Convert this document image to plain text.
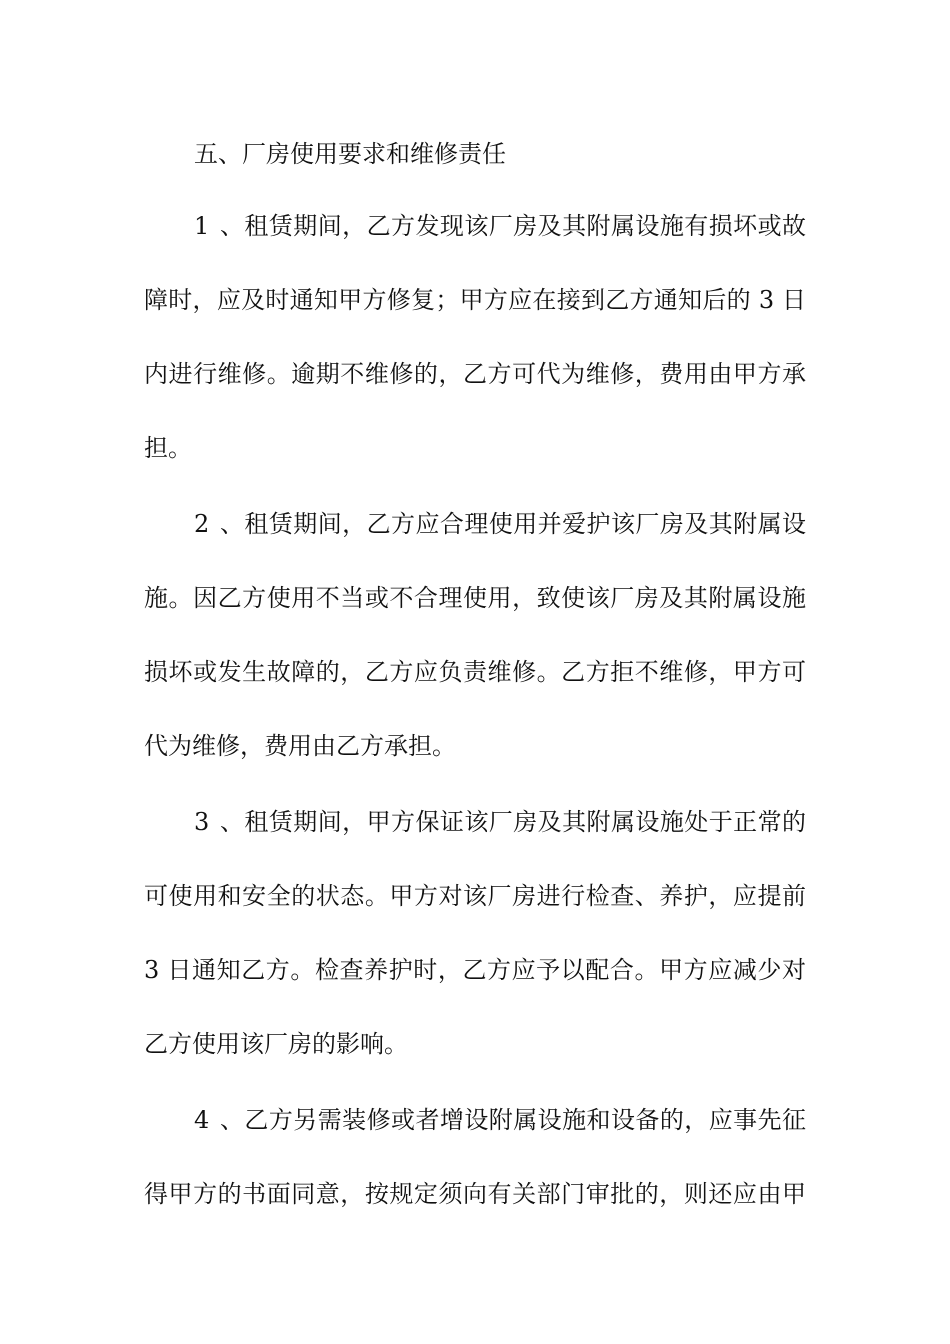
五、厂房使用要求和维修责任
1、租赁期间，乙方发现该厂房及其附属设施有损坏或故
障时，应及时通知甲方修复；甲方应在接到乙方通知后的 3 日
内进行维修。逾期不维修的，乙方可代为维修，费用由甲方承
担。
2、租赁期间，乙方应合理使用并爱护该厂房及其附属设
施。因乙方使用不当或不合理使用，致使该厂房及其附属设施
损坏或发生故障的，乙方应负责维修。乙方拒不维修，甲方可
代为维修，费用由乙方承担。
3、租赁期间，甲方保证该厂房及其附属设施处于正常的
可使用和安全的状态。甲方对该厂房进行检查、养护，应提前
3 日通知乙方。检查养护时，乙方应予以配合。甲方应减少对
乙方使用该厂房的影响。
4、乙方另需装修或者增设附属设施和设备的，应事先征
得甲方的书面同意，按规定须向有关部门审批的，则还应由甲
